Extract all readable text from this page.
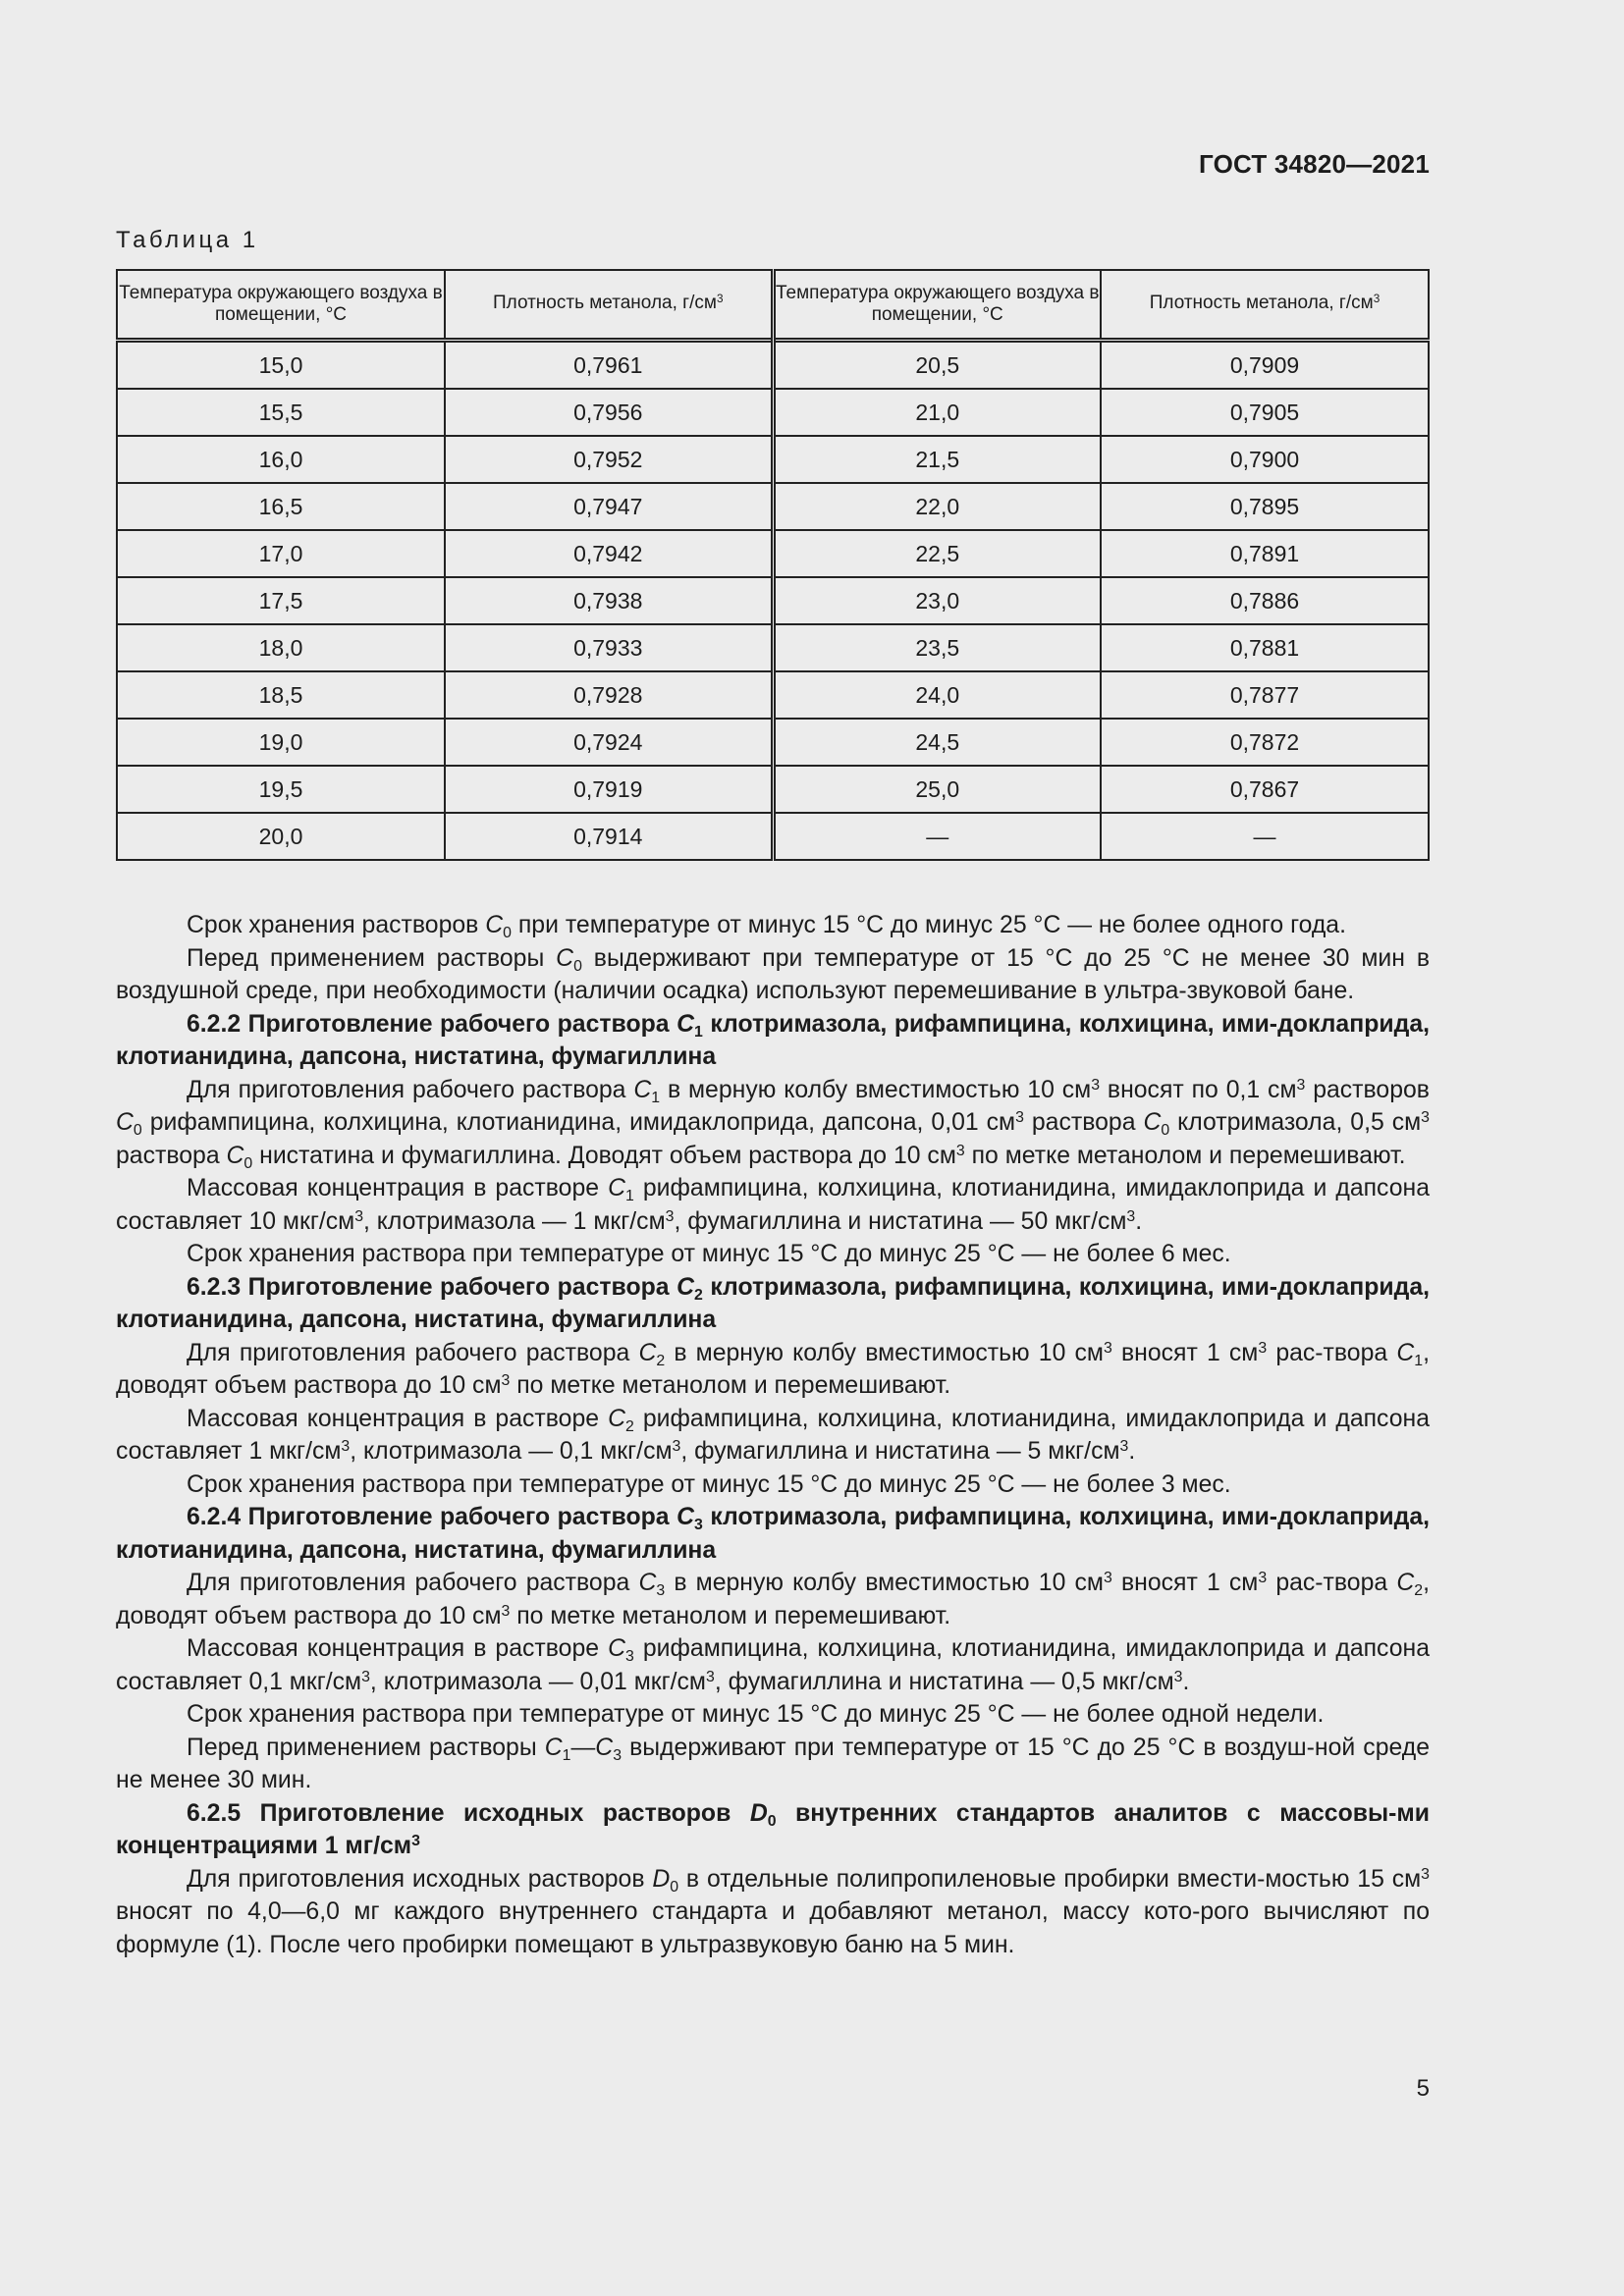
ГОСТ 34820—2021
Таблица 1
Температура окружающего воздуха в помещении, °С	Плотность метанола, $г/см^3$	Температура окружающего воздуха в помещении, °С	Плотность метанола, $г/см^3$
15,0	0,7961	20,5	0,7909
15,5	0,7956	21,0	0,7905
16,0	0,7952	21,5	0,7900
16,5	0,7947	22,0	0,7895
17,0	0,7942	22,5	0,7891
17,5	0,7938	23,0	0,7886
18,0	0,7933	23,5	0,7881
18,5	0,7928	24,0	0,7877
19,0	0,7924	24,5	0,7872
19,5	0,7919	25,0	0,7867
20,0	0,7914	—	—

Срок хранения растворов $C_0$ при температуре от минус 15 °С до минус 25 °С — не более одного года.

Перед применением растворы $C_0$ выдерживают при температуре от 15 °С до 25 °С не менее 30 мин в воздушной среде, при необходимости (наличии осадка) используют перемешивание в ультра-звуковой бане.

6.2.2 Приготовление рабочего раствора $C_1$ клотримазола, рифампицина, колхицина, ими-доклаприда, клотианидина, дапсона, нистатина, фумагиллина

Для приготовления рабочего раствора $C_1$ в мерную колбу вместимостью 10 $см^3$ вносят по 0,1 $см^3$ растворов $C_0$ рифампицина, колхицина, клотианидина, имидаклоприда, дапсона, 0,01 $см^3$ раствора $C_0$ клотримазола, 0,5 $см^3$ раствора $C_0$ нистатина и фумагиллина. Доводят объем раствора до 10 $см^3$ по метке метанолом и перемешивают.

Массовая концентрация в растворе $C_1$ рифампицина, колхицина, клотианидина, имидаклоприда и дапсона составляет 10 мкг/$см^3$, клотримазола — 1 мкг/$см^3$, фумагиллина и нистатина — 50 мкг/$см^3$.

Срок хранения раствора при температуре от минус 15 °С до минус 25 °С — не более 6 мес.

6.2.3 Приготовление рабочего раствора $C_2$ клотримазола, рифампицина, колхицина, ими-доклаприда, клотианидина, дапсона, нистатина, фумагиллина

Для приготовления рабочего раствора $C_2$ в мерную колбу вместимостью 10 $см^3$ вносят 1 $см^3$ рас-твора $C_1$, доводят объем раствора до 10 $см^3$ по метке метанолом и перемешивают.

Массовая концентрация в растворе $C_2$ рифампицина, колхицина, клотианидина, имидаклоприда и дапсона составляет 1 мкг/$см^3$, клотримазола — 0,1 мкг/$см^3$, фумагиллина и нистатина — 5 мкг/$см^3$.

Срок хранения раствора при температуре от минус 15 °С до минус 25 °С — не более 3 мес.

6.2.4 Приготовление рабочего раствора $C_3$ клотримазола, рифампицина, колхицина, ими-доклаприда, клотианидина, дапсона, нистатина, фумагиллина

Для приготовления рабочего раствора $C_3$ в мерную колбу вместимостью 10 $см^3$ вносят 1 $см^3$ рас-твора $C_2$, доводят объем раствора до 10 $см^3$ по метке метанолом и перемешивают.

Массовая концентрация в растворе $C_3$ рифампицина, колхицина, клотианидина, имидаклоприда и дапсона составляет 0,1 мкг/$см^3$, клотримазола — 0,01 мкг/$см^3$, фумагиллина и нистатина — 0,5 мкг/$см^3$.

Срок хранения раствора при температуре от минус 15 °С до минус 25 °С — не более одной недели.

Перед применением растворы $C_1—C_3$ выдерживают при температуре от 15 °С до 25 °С в воздуш-ной среде не менее 30 мин.

6.2.5 Приготовление исходных растворов $D_0$ внутренних стандартов аналитов с массовы-ми концентрациями 1 $мг/см^3$

Для приготовления исходных растворов $D_0$ в отдельные полипропиленовые пробирки вмести-мостью 15 $см^3$ вносят по 4,0—6,0 мг каждого внутреннего стандарта и добавляют метанол, массу кото-рого вычисляют по формуле (1). После чего пробирки помещают в ультразвуковую баню на 5 мин.

5
